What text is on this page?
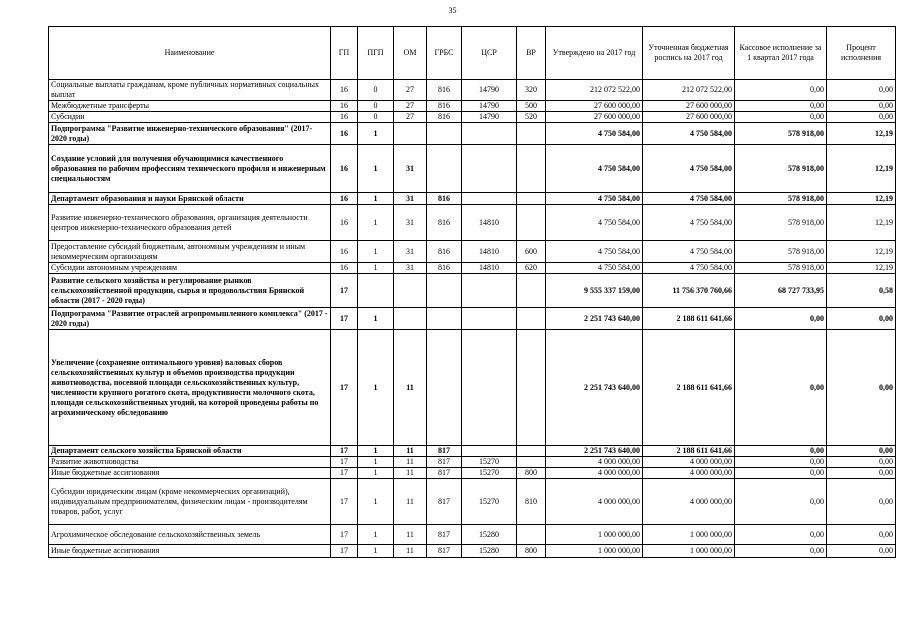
35
Наименование	ГП	ПГП	ОМ	ГРБС	ЦСР	ВР	Утверждено на 2017 год	Уточненная бюджетная роспись на 2017 год	Кассовое исполнение за 1 квартал 2017 года	Процент исполнения
Социальные выплаты гражданам, кроме публичных нормативных социальных выплат	16	0	27	816	14790	320	212 072 522,00	212 072 522,00	0,00	0,00
Межбюджетные трансферты	16	0	27	816	14790	500	27 600 000,00	27 600 000,00	0,00	0,00
Субсидии	16	0	27	816	14790	520	27 600 000,00	27 600 000,00	0,00	0,00
Подпрограмма "Развитие инженерно-технического образования" (2017-2020 годы)	16	1					4 750 584,00	4 750 584,00	578 918,00	12,19
Создание условий для получения обучающимися качественного образования по рабочим профессиям технического профиля и инженерным специальностям	16	1	31				4 750 584,00	4 750 584,00	578 918,00	12,19
Департамент образования и науки Брянской области	16	1	31	816			4 750 584,00	4 750 584,00	578 918,00	12,19
Развитие инженерно-технического образования, организация деятельности центров инженерно-технического образования детей	16	1	31	816	14810		4 750 584,00	4 750 584,00	578 918,00	12,19
Предоставление субсидий бюджетным, автономным учреждениям и иным некоммерческим организациям	16	1	31	816	14810	600	4 750 584,00	4 750 584,00	578 918,00	12,19
Субсидии автономным учреждениям	16	1	31	816	14810	620	4 750 584,00	4 750 584,00	578 918,00	12,19
Развитие сельского хозяйства и регулирование рынков сельскохозяйственной продукции, сырья и продовольствия Брянской области (2017 - 2020 годы)	17						9 555 337 159,00	11 756 370 760,66	68 727 733,95	0,58
Подпрограмма "Развитие отраслей агропромышленного комплекса" (2017 - 2020 годы)	17	1					2 251 743 640,00	2 188 611 641,66	0,00	0,00
Увеличение (сохранение оптимального уровня) валовых сборов сельскохозяйственных культур и объемов производства продукции животноводства, посевной площади сельскохозяйственных культур, численности крупного рогатого скота, продуктивности молочного скота, площади сельскохозяйственных угодий, на которой проведены работы по агрохимическому обследованию	17	1	11				2 251 743 640,00	2 188 611 641,66	0,00	0,00
Департамент сельского хозяйства Брянской области	17	1	11	817			2 251 743 640,00	2 188 611 641,66	0,00	0,00
Развитие животноводства	17	1	11	817	15270		4 000 000,00	4 000 000,00	0,00	0,00
Иные бюджетные ассигнования	17	1	11	817	15270	800	4 000 000,00	4 000 000,00	0,00	0,00
Субсидии юридическим лицам (кроме некоммерческих организаций), индивидуальным предпринимателям, физическим лицам - производителям товаров, работ, услуг	17	1	11	817	15270	810	4 000 000,00	4 000 000,00	0,00	0,00
Агрохимическое обследование сельскохозяйственных земель	17	1	11	817	15280		1 000 000,00	1 000 000,00	0,00	0,00
Иные бюджетные ассигнования	17	1	11	817	15280	800	1 000 000,00	1 000 000,00	0,00	0,00
